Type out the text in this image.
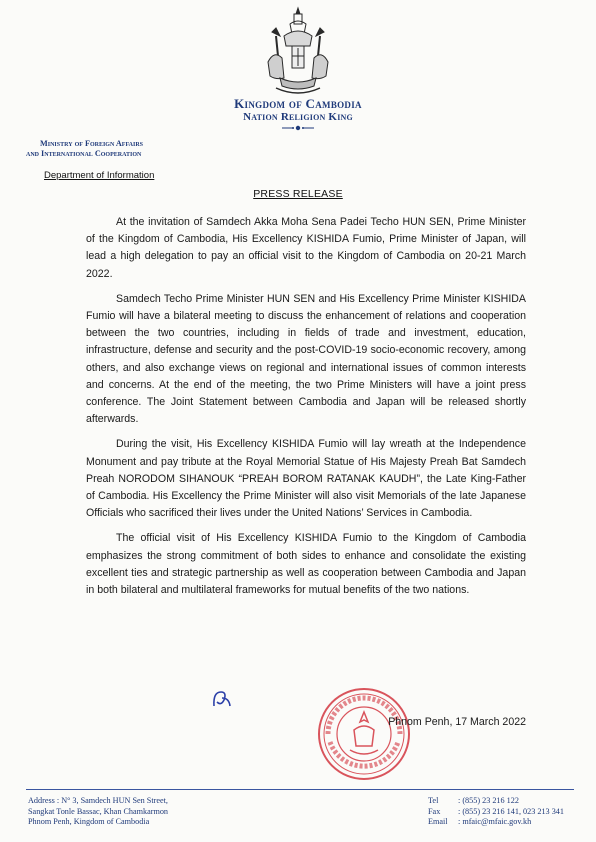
Kingdom of Cambodia
Nation Religion King
Ministry of Foreign Affairs
and International Cooperation
Department of Information
PRESS RELEASE

At the invitation of Samdech Akka Moha Sena Padei Techo HUN SEN, Prime Minister of the Kingdom of Cambodia, His Excellency KISHIDA Fumio, Prime Minister of Japan, will lead a high delegation to pay an official visit to the Kingdom of Cambodia on 20-21 March 2022.

Samdech Techo Prime Minister HUN SEN and His Excellency Prime Minister KISHIDA Fumio will have a bilateral meeting to discuss the enhancement of relations and cooperation between the two countries, including in fields of trade and investment, education, infrastructure, defense and security and the post-COVID-19 socio-economic recovery, among others, and also exchange views on regional and international issues of common interests and concerns. At the end of the meeting, the two Prime Ministers will have a joint press conference. The Joint Statement between Cambodia and Japan will be released shortly afterwards.

During the visit, His Excellency KISHIDA Fumio will lay wreath at the Independence Monument and pay tribute at the Royal Memorial Statue of His Majesty Preah Bat Samdech Preah NORODOM SIHANOUK “PREAH BOROM RATANAK KAUDH”, the Late King-Father of Cambodia. His Excellency the Prime Minister will also visit Memorials of the late Japanese Officials who sacrificed their lives under the United Nations’ Services in Cambodia.

The official visit of His Excellency KISHIDA Fumio to the Kingdom of Cambodia emphasizes the strong commitment of both sides to enhance and consolidate the existing excellent ties and strategic partnership as well as cooperation between Cambodia and Japan in both bilateral and multilateral frameworks for mutual benefits of the two nations.

Phnom Penh, 17 March 2022
Address : N° 3, Samdech HUN Sen Street,
Sangkat Tonle Bassac, Khan Chamkarmon
Phnom Penh, Kingdom of Cambodia
Tel : (855) 23 216 122
Fax : (855) 23 216 141, 023 213 341
Email : mfaic@mfaic.gov.kh
